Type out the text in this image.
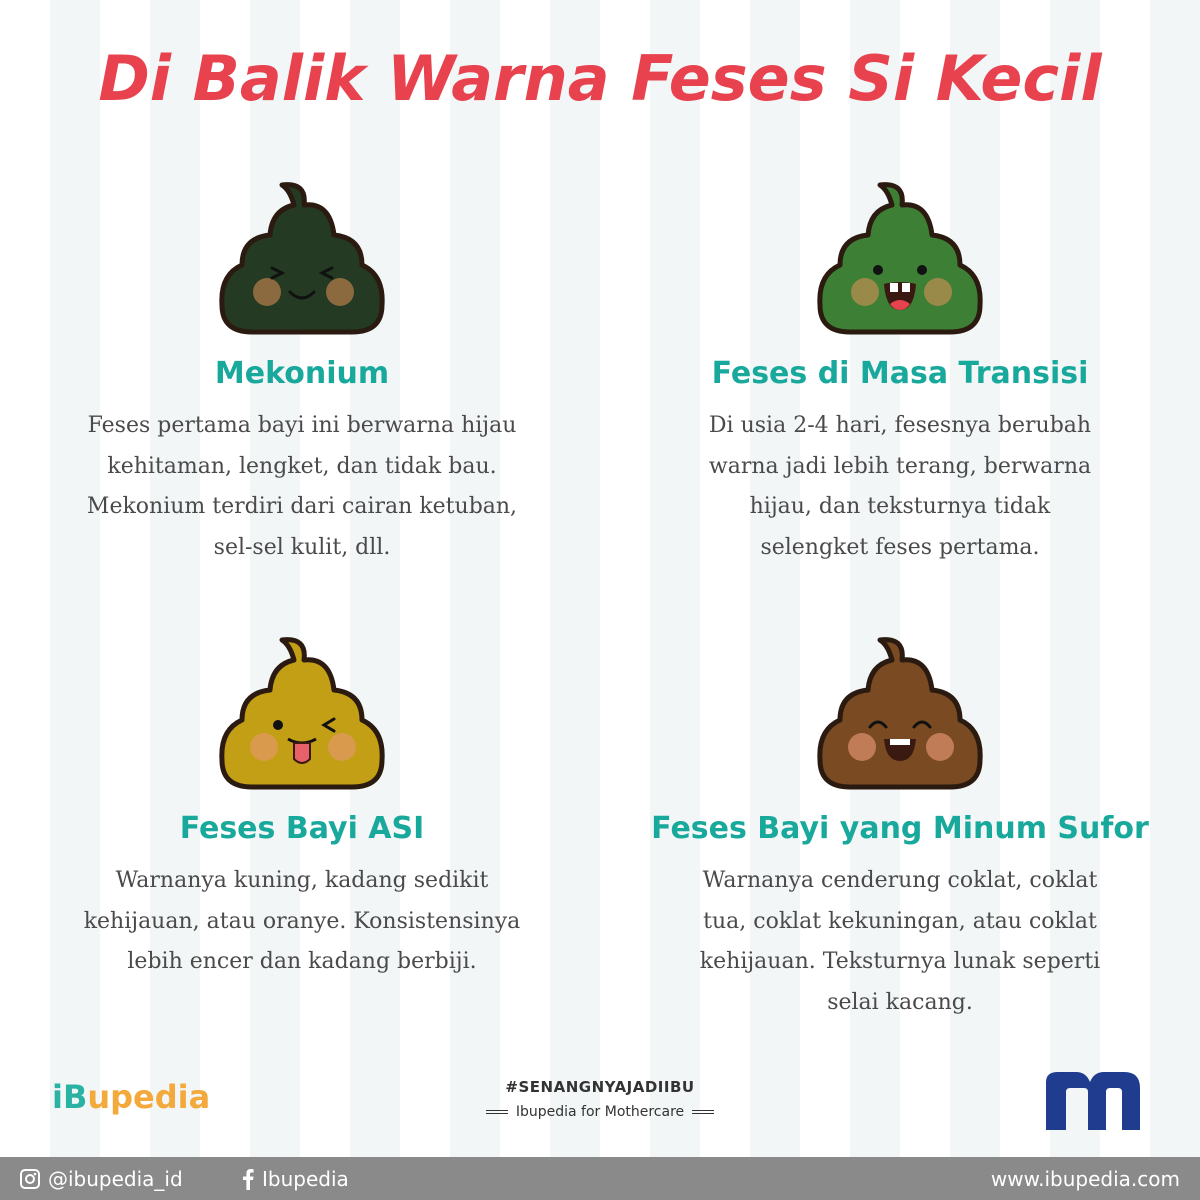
Di Balik Warna Feses Si Kecil
Mekonium

Feses pertama bayi ini berwarna hijau kehitaman, lengket, dan tidak bau. Mekonium terdiri dari cairan ketuban, sel-sel kulit, dll.

Feses di Masa Transisi

Di usia 2-4 hari, fesesnya berubah warna jadi lebih terang, berwarna hijau, dan teksturnya tidak selengket feses pertama.

Feses Bayi ASI

Warnanya kuning, kadang sedikit kehijauan, atau oranye. Konsistensinya lebih encer dan kadang berbiji.

Feses Bayi yang Minum Sufor

Warnanya cenderung coklat, coklat tua, coklat kekuningan, atau coklat kehijauan. Teksturnya lunak seperti selai kacang.

iBupedia	#SENANGNYAJADIIBU
Ibupedia for Mothercare
@ibupedia_id	Ibupedia	www.ibupedia.com
